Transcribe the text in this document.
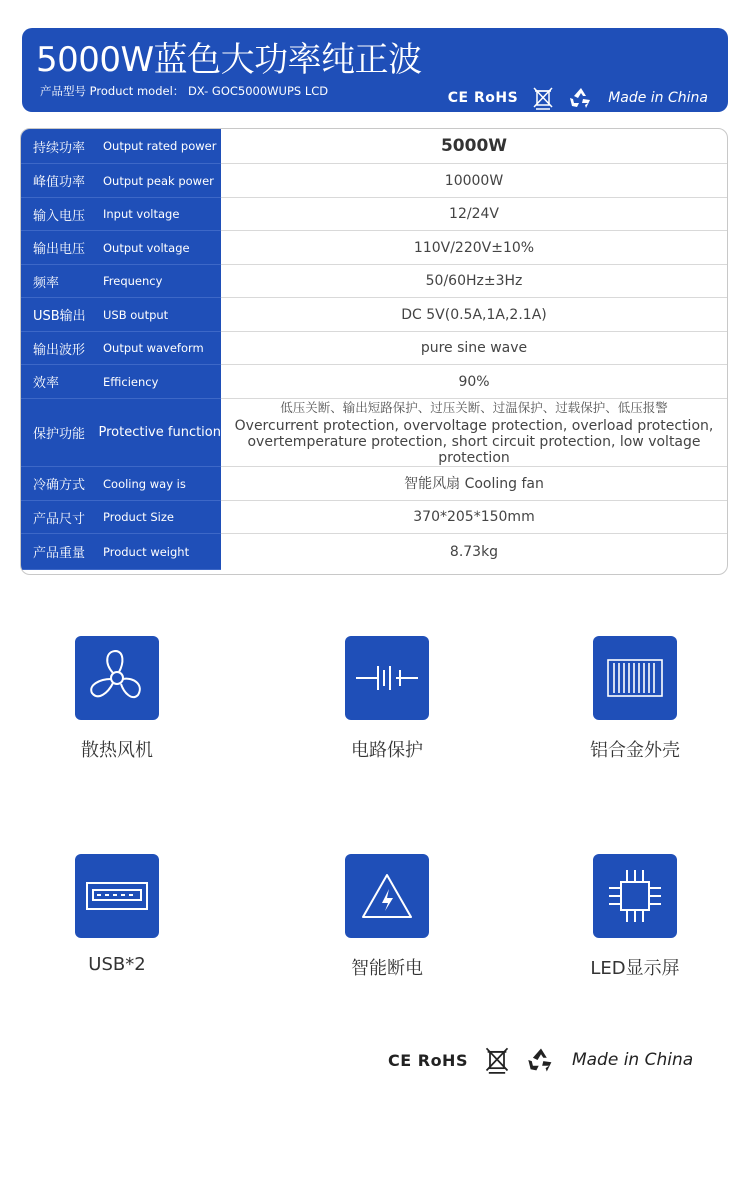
5000W蓝色大功率纯正波
产品型号 Product model： DX- GOC5000WUPS LCD	CE RoHS	Made in China
持续功率	Output rated power	5000W
峰值功率	Output peak power	10000W
输入电压	Input voltage	12/24V
输出电压	Output voltage	110V/220V±10%
频率	Frequency	50/60Hz±3Hz
USB输出	USB output	DC 5V(0.5A,1A,2.1A)
输出波形	Output waveform	pure sine wave
效率	Efficiency	90%
保护功能	Protective function
低压关断、输出短路保护、过压关断、过温保护、过载保护、低压报警
Overcurrent protection, overvoltage protection, overload protection,
overtemperature protection, short circuit protection, low voltage protection
冷确方式	Cooling way is	智能风扇 Cooling fan
产品尺寸	Product Size	370*205*150mm
产品重量	Product weight	8.73kg
散热风机	电路保护	铝合金外壳
USB*2	智能断电	LED显示屏
CE RoHS	Made in China
